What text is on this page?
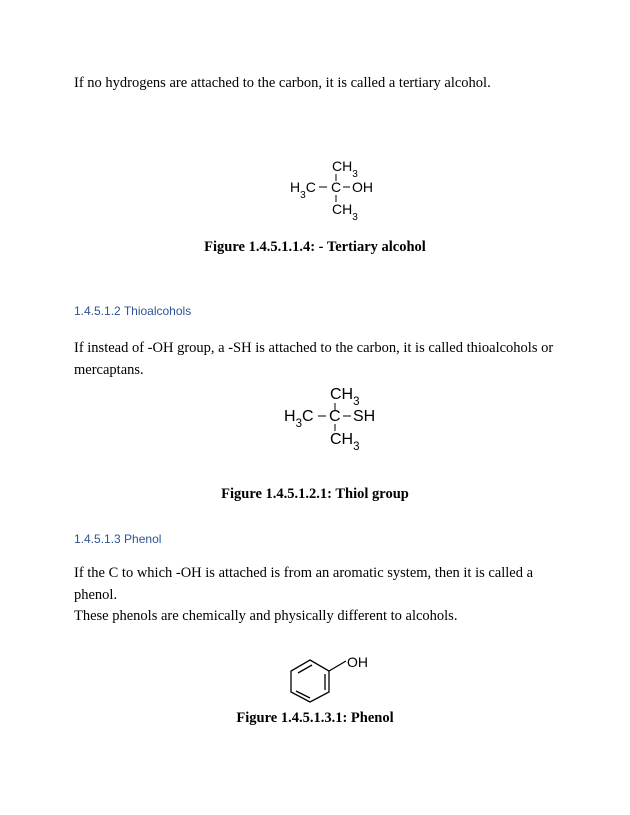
If no hydrogens are attached to the carbon, it is called a tertiary alcohol.

$CH_3$
$H_3C$ C OH
$CH_3$

Figure 1.4.5.1.1.4: - Tertiary alcohol

1.4.5.1.2 Thioalcohols

If instead of -OH group, a -SH is attached to the carbon, it is called thioalcohols or mercaptans.

$CH_3$
$H_3C$ C SH
$CH_3$

Figure 1.4.5.1.2.1: Thiol group

1.4.5.1.3 Phenol

If the C to which -OH is attached is from an aromatic system, then it is called a phenol.

These phenols are chemically and physically different to alcohols.

OH

Figure 1.4.5.1.3.1: Phenol
